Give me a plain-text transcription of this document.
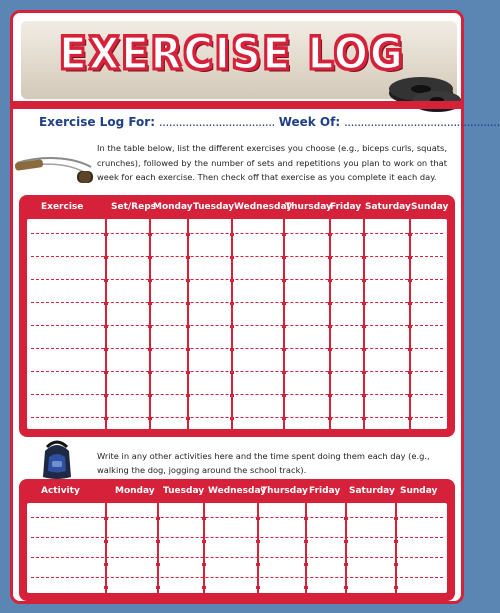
EXERCISE LOG
Exercise Log For: ................................... Week Of: ...............................................
In the table below, list the different exercises you choose (e.g., biceps curls, squats, crunches), followed by the number of sets and repetitions you plan to work on that week for each exercise. Then check off that exercise as you complete it each day.
Exercise	Set/Reps
Monday Tuesday Wednesday
Thursday
Friday Saturday Sunday
Write in any other activities here and the time spent doing them each day (e.g., walking the dog, jogging around the school track).
Activity	Monday Tuesday Wednesday
Thursday Friday Saturday Sunday
